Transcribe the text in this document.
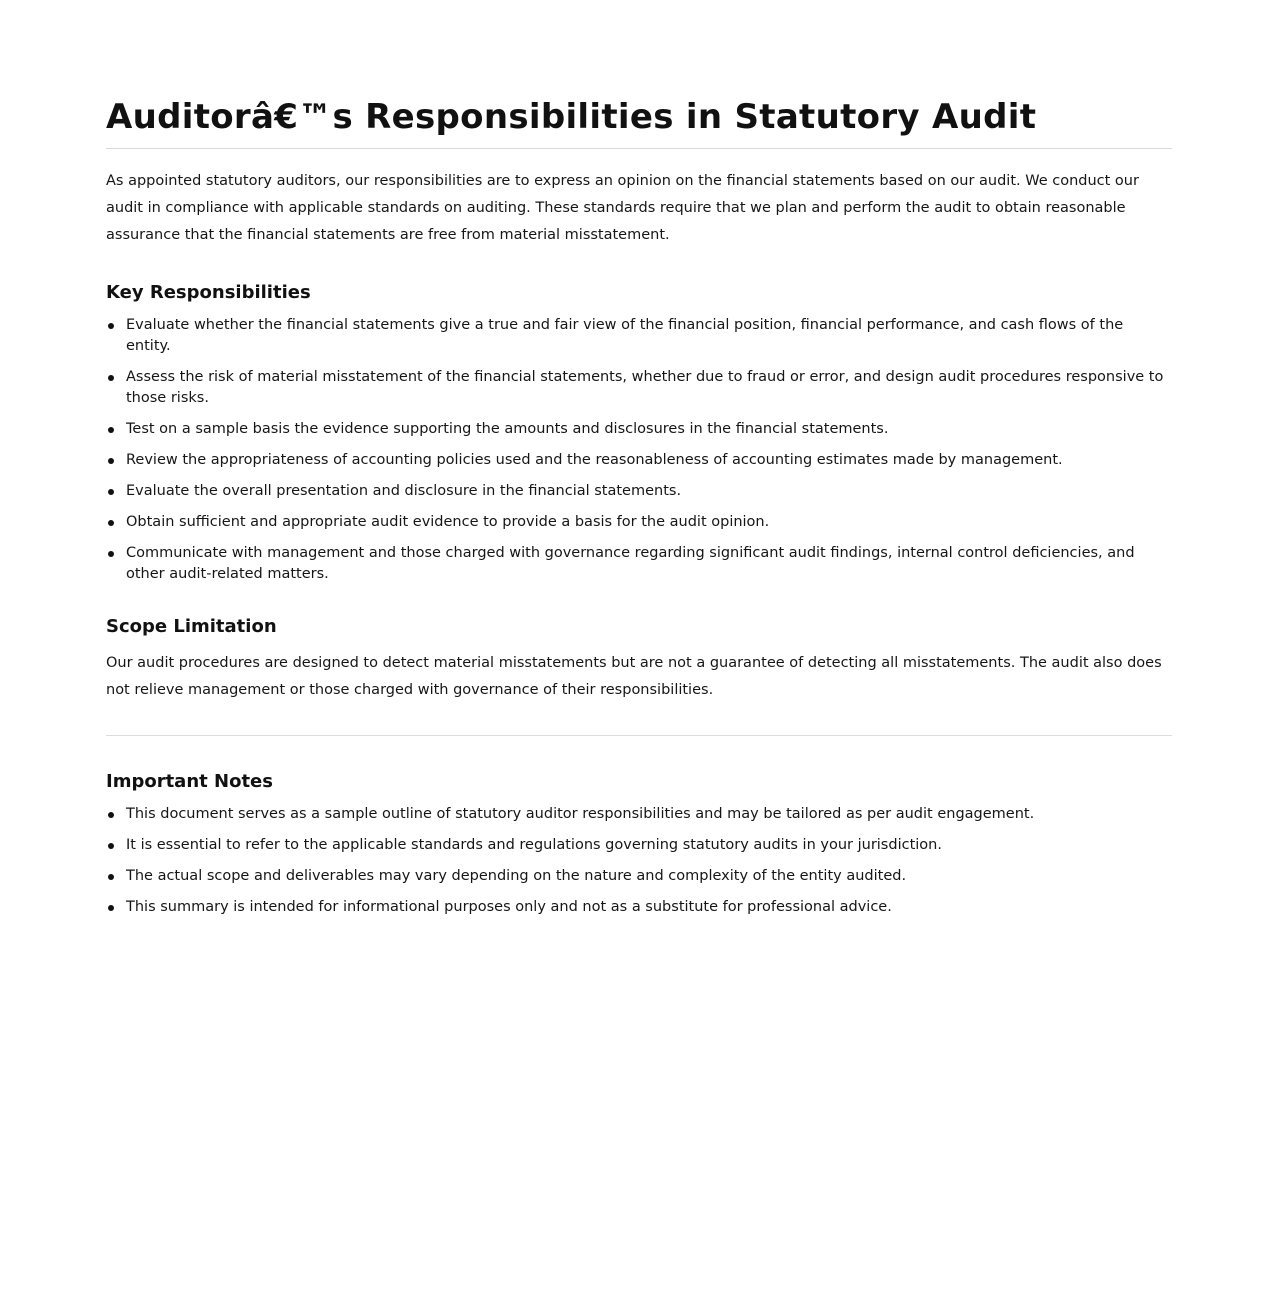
Auditorâ€™s Responsibilities in Statutory Audit

As appointed statutory auditors, our responsibilities are to express an opinion on the financial statements based on our audit. We conduct our audit in compliance with applicable standards on auditing. These standards require that we plan and perform the audit to obtain reasonable assurance that the financial statements are free from material misstatement.

Key Responsibilities
Evaluate whether the financial statements give a true and fair view of the financial position, financial performance, and cash flows of the entity.
Assess the risk of material misstatement of the financial statements, whether due to fraud or error, and design audit procedures responsive to those risks.
Test on a sample basis the evidence supporting the amounts and disclosures in the financial statements.
Review the appropriateness of accounting policies used and the reasonableness of accounting estimates made by management.
Evaluate the overall presentation and disclosure in the financial statements.
Obtain sufficient and appropriate audit evidence to provide a basis for the audit opinion.
Communicate with management and those charged with governance regarding significant audit findings, internal control deficiencies, and other audit-related matters.
Scope Limitation

Our audit procedures are designed to detect material misstatements but are not a guarantee of detecting all misstatements. The audit also does not relieve management or those charged with governance of their responsibilities.

Important Notes
This document serves as a sample outline of statutory auditor responsibilities and may be tailored as per audit engagement.
It is essential to refer to the applicable standards and regulations governing statutory audits in your jurisdiction.
The actual scope and deliverables may vary depending on the nature and complexity of the entity audited.
This summary is intended for informational purposes only and not as a substitute for professional advice.
